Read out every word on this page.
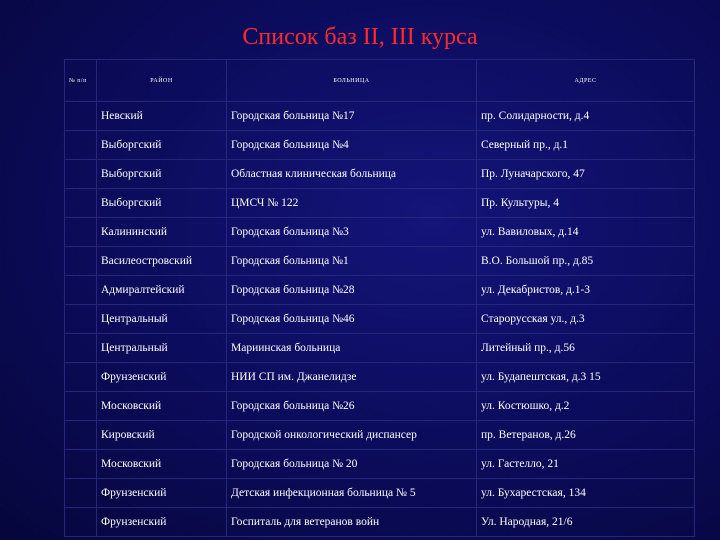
Список баз II, III курса
№ п/п	РАЙОН	БОЛЬНИЦА	АДРЕС
	Невский	Городская больница №17	пр. Солидарности, д.4
	Выборгский	Городская больница №4	Северный пр., д.1
	Выборгский	Областная клиническая больница	Пр. Луначарского, 47
	Выборгский	ЦМСЧ № 122	Пр. Культуры, 4
	Калининский	Городская больница №3	ул. Вавиловых, д.14
	Василеостровский	Городская больница №1	В.О. Большой пр., д.85
	Адмиралтейский	Городская больница №28	ул. Декабристов, д.1-3
	Центральный	Городская больница №46	Старорусская ул., д.3
	Центральный	Мариинская больница	Литейный пр., д.56
	Фрунзенский	НИИ СП им. Джанелидзе	ул. Будапештская, д.3 15
	Московский	Городская больница №26	ул. Костюшко, д.2
	Кировский	Городской онкологический диспансер	пр. Ветеранов, д.26
	Московский	Городская больница № 20	ул. Гастелло, 21
	Фрунзенский	Детская инфекционная больница № 5	ул. Бухарестская, 134
	Фрунзенский	Госпиталь для ветеранов войн	Ул. Народная, 21/6
